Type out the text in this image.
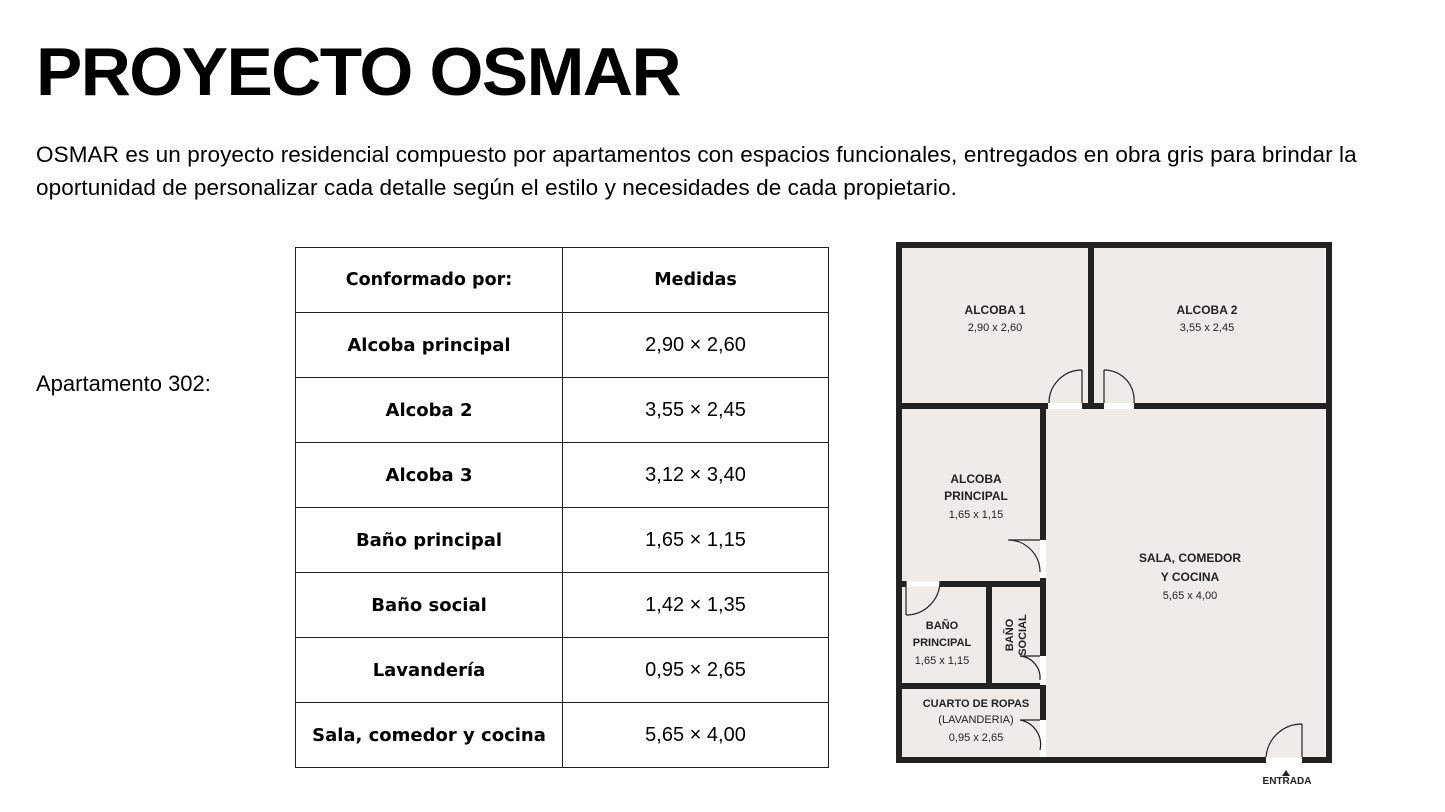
PROYECTO OSMAR

OSMAR es un proyecto residencial compuesto por apartamentos con espacios funcionales, entregados en obra gris para brindar la oportunidad de personalizar cada detalle según el estilo y necesidades de cada propietario.

Apartamento 302:
Conformado por:	Medidas
Alcoba principal	2,90 × 2,60
Alcoba 2	3,55 × 2,45
Alcoba 3	3,12 × 3,40
Baño principal	1,65 × 1,15
Baño social	1,42 × 1,35
Lavandería	0,95 × 2,65
Sala, comedor y cocina	5,65 × 4,00
ALCOBA 1
2,90 x 2,60
ALCOBA 2
3,55 x 2,45
ALCOBA
PRINCIPAL
1,65 x 1,15
SALA, COMEDOR
Y COCINA
5,65 x 4,00
BAÑO
PRINCIPAL
1,65 x 1,15
BAÑO SOCIAL
CUARTO DE ROPAS
(LAVANDERIA)
0,95 x 2,65
ENTRADA
